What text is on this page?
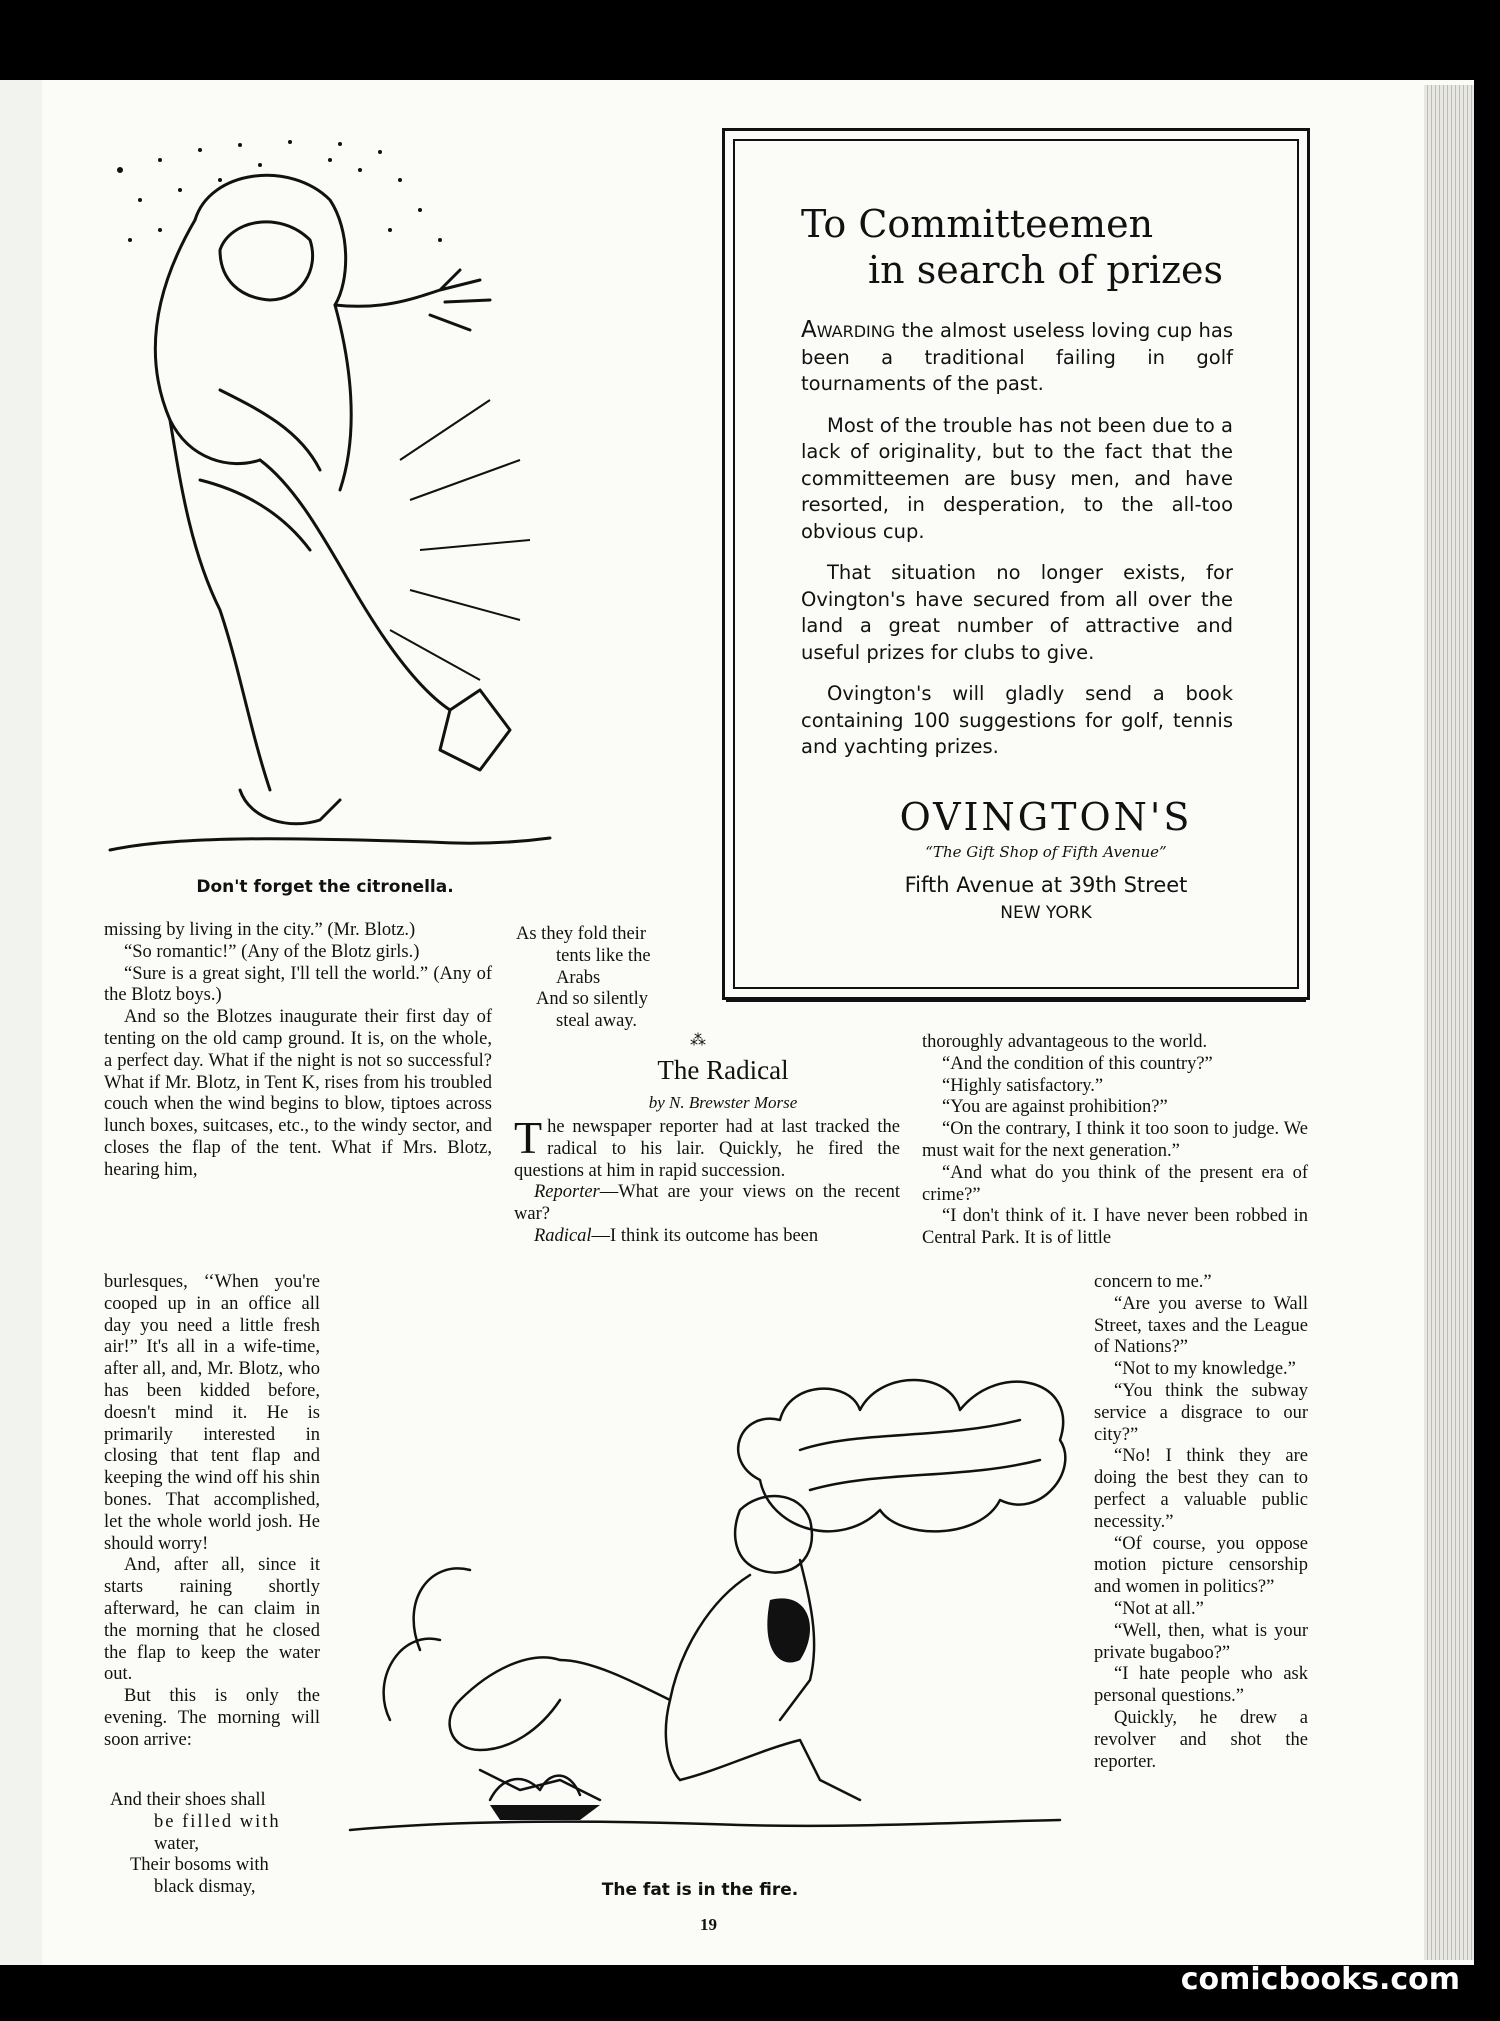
Don't forget the citronella.

missing by living in the city.” (Mr. Blotz.)

“So romantic!” (Any of the Blotz girls.)

“Sure is a great sight, I'll tell the world.” (Any of the Blotz boys.)

And so the Blotzes inaugurate their first day of tenting on the old camp ground. It is, on the whole, a perfect day. What if the night is not so successful? What if Mr. Blotz, in Tent K, rises from his troubled couch when the wind begins to blow, tiptoes across lunch boxes, suitcases, etc., to the windy sector, and closes the flap of the tent. What if Mrs. Blotz, hearing him,

burlesques, ‘‘When you're cooped up in an office all day you need a little fresh air!” It's all in a wife-time, after all, and, Mr. Blotz, who has been kidded before, doesn't mind it. He is primarily interested in closing that tent flap and keeping the wind off his shin bones. That accomplished, let the whole world josh. He should worry!

And, after all, since it starts raining shortly afterward, he can claim in the morning that he closed the flap to keep the water out.

But this is only the evening. The morning will soon arrive:

And their shoes shall
be filled with
water,
Their bosoms with
black dismay,
As they fold their
tents like the
Arabs
And so silently
steal away.
To Committeemen
in search of prizes

Awarding the almost useless loving cup has been a traditional failing in golf tournaments of the past.

Most of the trouble has not been due to a lack of originality, but to the fact that the committeemen are busy men, and have resorted, in desperation, to the all-too obvious cup.

That situation no longer exists, for Ovington's have secured from all over the land a great number of attractive and useful prizes for clubs to give.

Ovington's will gladly send a book containing 100 suggestions for golf, tennis and yachting prizes.

OVINGTON'S
“The Gift Shop of Fifth Avenue”
Fifth Avenue at 39th Street
NEW YORK
⁂
The Radical
by N. Brewster Morse

The newspaper reporter had at last tracked the radical to his lair. Quickly, he fired the questions at him in rapid succession.

Reporter—What are your views on the recent war?

Radical—I think its outcome has been

thoroughly advantageous to the world.

“And the condition of this country?”

“Highly satisfactory.”

“You are against prohibition?”

“On the contrary, I think it too soon to judge. We must wait for the next generation.”

“And what do you think of the present era of crime?”

“I don't think of it. I have never been robbed in Central Park. It is of little

concern to me.”

“Are you averse to Wall Street, taxes and the League of Nations?”

“Not to my knowledge.”

“You think the subway service a disgrace to our city?”

“No! I think they are doing the best they can to perfect a valuable public necessity.”

“Of course, you oppose motion picture censorship and women in politics?”

“Not at all.”

“Well, then, what is your private bugaboo?”

“I hate people who ask personal questions.”

Quickly, he drew a revolver and shot the reporter.

The fat is in the fire.
19
comicbooks.com
